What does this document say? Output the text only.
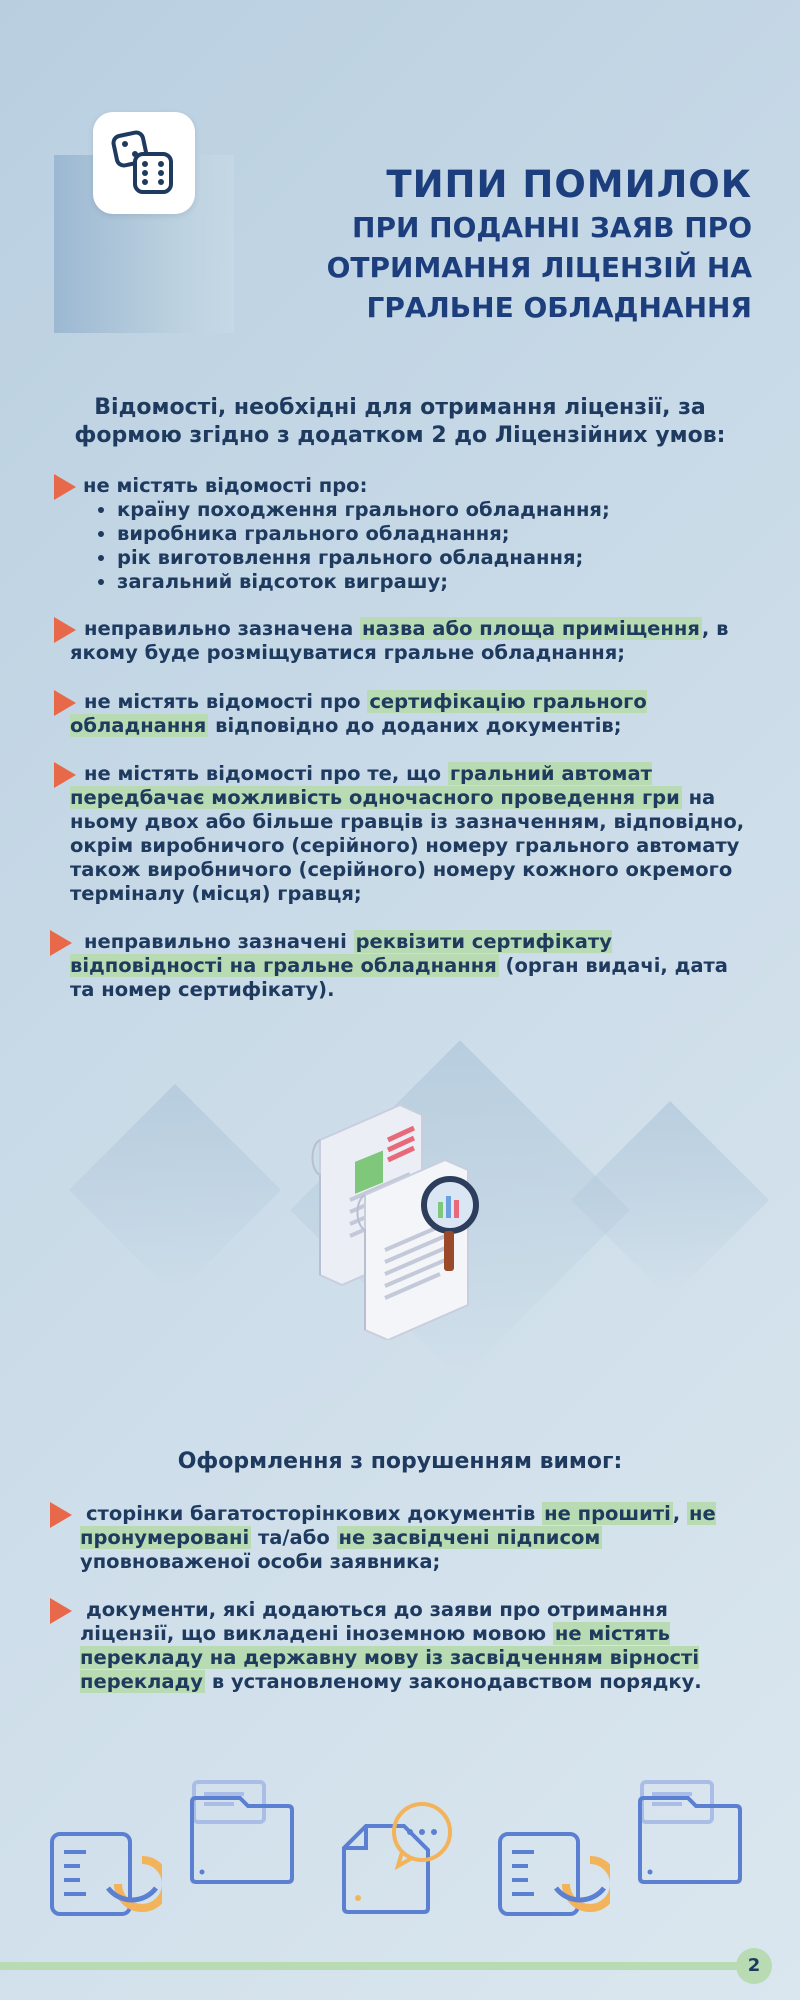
ТИПИ ПОМИЛОК
ПРИ ПОДАННІ ЗАЯВ ПРО
ОТРИМАННЯ ЛІЦЕНЗІЙ НА
ГРАЛЬНЕ ОБЛАДНАННЯ
Відомості, необхідні для отримання ліцензії, за
формою згідно з додатком 2 до Ліцензійних умов:
не містять відомості про:
• країну походження грального обладнання;
• виробника грального обладнання;
• рік виготовлення грального обладнання;
• загальний відсоток виграшу;
неправильно зазначена назва або площа приміщення , в якому буде розміщуватися гральне обладнання;
не містять відомості про сертифікацію грального обладнання відповідно до доданих документів;
не містять відомості про те, що гральний автомат передбачає можливість одночасного проведення гри на ньому двох або більше гравців із зазначенням, відповідно, окрім виробничого (серійного) номеру грального автомату також виробничого (серійного) номеру кожного окремого терміналу (місця) гравця;
неправильно зазначені реквізити сертифікату відповідності на гральне обладнання (орган видачі, дата та номер сертифікату).
Оформлення з порушенням вимог:
сторінки багатосторінкових документів не прошиті , не пронумеровані та/або не засвідчені підписом уповноваженої особи заявника;
документи, які додаються до заяви про отримання ліцензії, що викладені іноземною мовою не містять перекладу на державну мову із засвідченням вірності перекладу в установленому законодавством порядку.
2
